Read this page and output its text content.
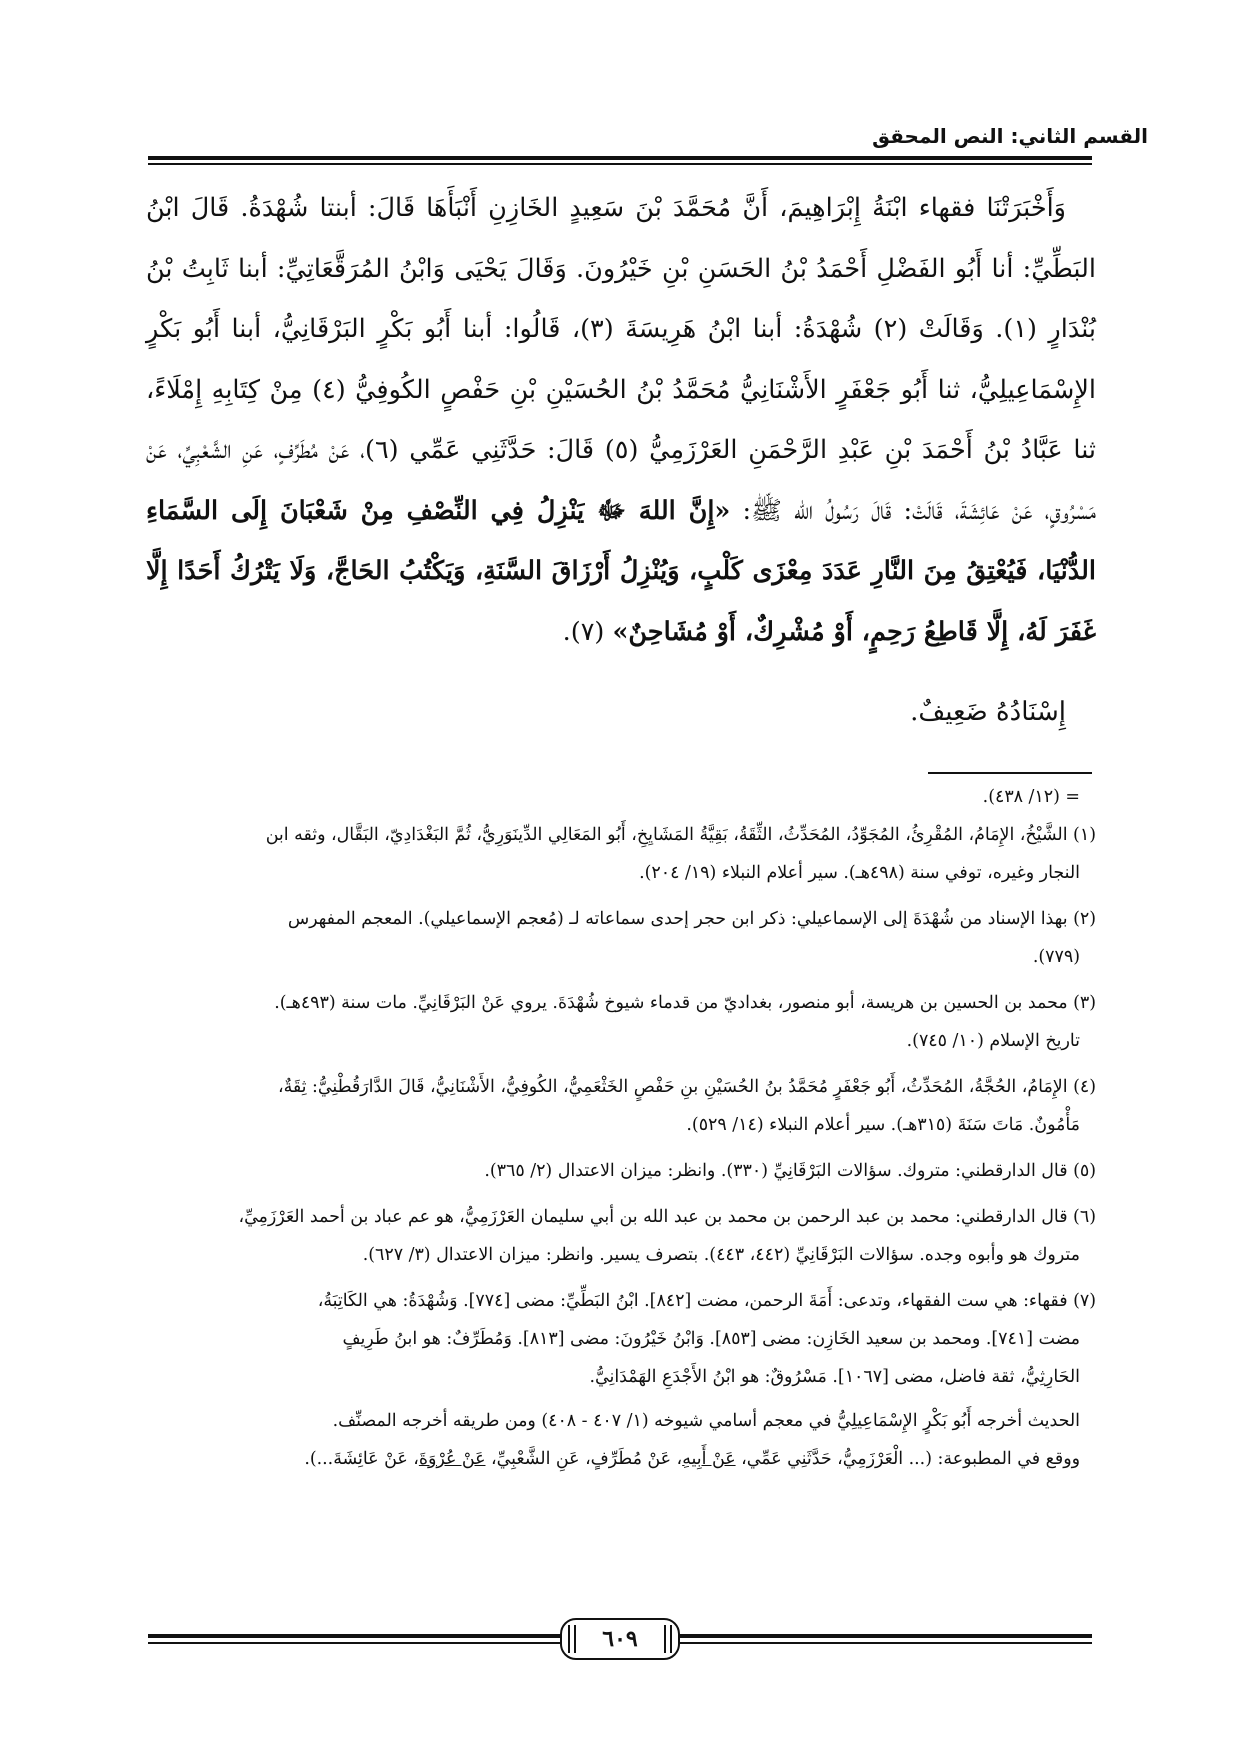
القسم الثاني: النص المحقق

وَأَخْبَرَتْنَا فقهاء ابْنَةُ إِبْرَاهِيمَ، أَنَّ مُحَمَّدَ بْنَ سَعِيدٍ الخَازِنِ أَنْبَأَهَا قَالَ: أبنتا شُهْدَةُ. قَالَ ابْنُ البَطِّيِّ: أنا أَبُو الفَضْلِ أَحْمَدُ بْنُ الحَسَنِ بْنِ خَيْرُونَ. وَقَالَ يَحْيَى وَابْنُ المُرَقَّعَاتِيِّ: أبنا ثَابِتُ بْنُ بُنْدَارٍ (١). وَقَالَتْ (٢) شُهْدَةُ: أبنا ابْنُ هَرِيسَةَ (٣)، قَالُوا: أبنا أَبُو بَكْرٍ البَرْقَانِيُّ، أبنا أَبُو بَكْرٍ الإِسْمَاعِيلِيُّ، ثنا أَبُو جَعْفَرٍ الأَشْنَانِيُّ مُحَمَّدُ بْنُ الحُسَيْنِ بْنِ حَفْصٍ الكُوفِيُّ (٤) مِنْ كِتَابِهِ إِمْلَاءً، ثنا عَبَّادُ بْنُ أَحْمَدَ بْنِ عَبْدِ الرَّحْمَنِ العَرْزَمِيُّ (٥) قَالَ: حَدَّثَنِي عَمِّي (٦)، عَنْ مُطَرِّفٍ، عَنِ الشَّعْبِيِّ، عَنْ مَسْرُوقٍ، عَنْ عَائِشَةَ، قَالَتْ: قَالَ رَسُولُ الله ﷺ: «إِنَّ اللهَ ﷻ يَنْزِلُ فِي النِّصْفِ مِنْ شَعْبَانَ إِلَى السَّمَاءِ الدُّنْيَا، فَيُعْتِقُ مِنَ النَّارِ عَدَدَ مِعْزَى كَلْبٍ، وَيُنْزِلُ أَرْزَاقَ السَّنَةِ، وَيَكْتُبُ الحَاجَّ، وَلَا يَتْرُكُ أَحَدًا إِلَّا غَفَرَ لَهُ، إِلَّا قَاطِعُ رَحِمٍ، أَوْ مُشْرِكٌ، أَوْ مُشَاحِنٌ» (٧).

إِسْنَادُهُ ضَعِيفٌ.

= (١٢/ ٤٣٨).

(١) الشَّيْخُ، الإِمَامُ، المُقْرِئُ، المُجَوِّدُ، المُحَدِّثُ، الثِّقَةُ، بَقِيَّةُ المَشَايِخِ، أَبُو المَعَالِي الدِّينَوَرِيُّ، ثُمَّ البَغْدَادِيّ، البَقَّال، وثقه ابن

النجار وغيره، توفي سنة (٤٩٨هـ). سير أعلام النبلاء (١٩/ ٢٠٤).

(٢) بهذا الإسناد من شُهْدَةَ إلى الإسماعيلي: ذكر ابن حجر إحدى سماعاته لـ (مُعجم الإسماعيلي). المعجم المفهرس

(٧٧٩).

(٣) محمد بن الحسين بن هريسة، أبو منصور، بغداديّ من قدماء شيوخ شُهْدَةَ. يروي عَنْ البَرْقَانِيِّ. مات سنة (٤٩٣هـ).

تاريخ الإسلام (١٠/ ٧٤٥).

(٤) الإِمَامُ، الحُجَّةُ، المُحَدِّثُ، أَبُو جَعْفَرٍ مُحَمَّدُ بنُ الحُسَيْنِ بنِ حَفْصٍ الخَثْعَمِيُّ، الكُوفِيُّ، الأَشْنَانِيُّ، قَالَ الدَّارَقُطْنِيُّ: ثِقَةٌ،

مَأْمُونٌ. مَاتَ سَنَةَ (٣١٥هـ). سير أعلام النبلاء (١٤/ ٥٢٩).

(٥) قال الدارقطني: متروك. سؤالات البَرْقَانِيِّ (٣٣٠). وانظر: ميزان الاعتدال (٢/ ٣٦٥).

(٦) قال الدارقطني: محمد بن عبد الرحمن بن محمد بن عبد الله بن أبي سليمان العَرْزَمِيُّ، هو عم عباد بن أحمد العَرْزَمِيِّ،

متروك هو وأبوه وجده. سؤالات البَرْقَانِيِّ (٤٤٢، ٤٤٣). بتصرف يسير. وانظر: ميزان الاعتدال (٣/ ٦٢٧).

(٧) فقهاء: هي ست الفقهاء، وتدعى: أَمَةَ الرحمن، مضت [٨٤٢]. ابْنُ البَطِّيِّ: مضى [٧٧٤]. وَشُهْدَةُ: هي الكَاتِبَةُ،

مضت [٧٤١]. ومحمد بن سعيد الخَازِن: مضى [٨٥٣]. وَابْنُ خَيْرُونَ: مضى [٨١٣]. وَمُطَرِّفٌ: هو ابنُ طَرِيفٍ

الحَارِثِيُّ، ثقة فاضل، مضى [١٠٦٧]. مَسْرُوقٌ: هو ابْنُ الأَجْدَعِ الهَمْدَانِيُّ.

الحديث أخرجه أَبُو بَكْرٍ الإِسْمَاعِيلِيُّ في معجم أسامي شيوخه (١/ ٤٠٧ - ٤٠٨) ومن طريقه أخرجه المصنِّف.

ووقع في المطبوعة: (... الْعَرْزَمِيُّ، حَدَّثَنِي عَمِّي، عَنْ أَبِيهِ، عَنْ مُطَرِّفٍ، عَنِ الشَّعْبِيِّ، عَنْ عُرْوَةَ، عَنْ عَائِشَةَ...).

٦٠٩
